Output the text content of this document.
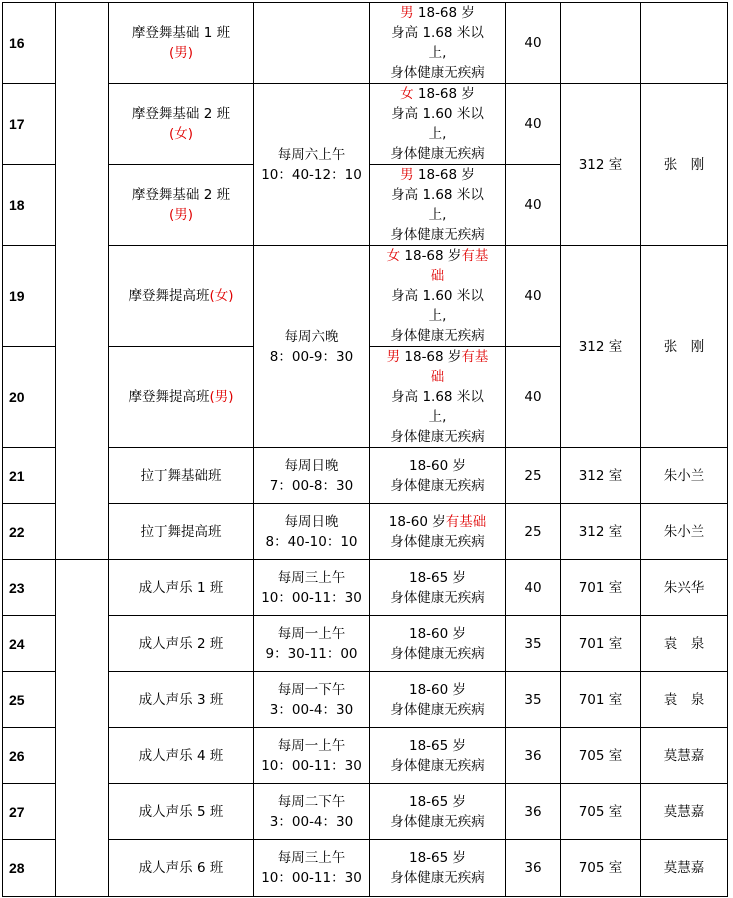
16		摩登舞基础 1 班
(男)		男 18-68 岁
身高 1.68 米以
上,
身体健康无疾病	40		
17		摩登舞基础 2 班
(女)	每周六上午
10：40-12：10	女 18-68 岁
身高 1.60 米以
上,
身体健康无疾病	40	312 室	张　刚
18		摩登舞基础 2 班
(男)		男 18-68 岁
身高 1.68 米以
上,
身体健康无疾病	40		
19		摩登舞提高班(女)	每周六晚
8：00-9：30	女 18-68 岁有基
础
身高 1.60 米以
上,
身体健康无疾病	40	312 室	张　刚
20		摩登舞提高班(男)		男 18-68 岁有基
础
身高 1.68 米以
上,
身体健康无疾病	40		
21		拉丁舞基础班	每周日晚
7：00-8：30	18-60 岁
身体健康无疾病	25	312 室	朱小兰
22		拉丁舞提高班	每周日晚
8：40-10：10	18-60 岁有基础
身体健康无疾病	25	312 室	朱小兰
23		成人声乐 1 班	每周三上午
10：00-11：30	18-65 岁
身体健康无疾病	40	701 室	朱兴华
24		成人声乐 2 班	每周一上午
9：30-11：00	18-60 岁
身体健康无疾病	35	701 室	袁　泉
25		成人声乐 3 班	每周一下午
3：00-4：30	18-60 岁
身体健康无疾病	35	701 室	袁　泉
26		成人声乐 4 班	每周一上午
10：00-11：30	18-65 岁
身体健康无疾病	36	705 室	莫慧嘉
27		成人声乐 5 班	每周二下午
3：00-4：30	18-65 岁
身体健康无疾病	36	705 室	莫慧嘉
28		成人声乐 6 班	每周三上午
10：00-11：30	18-65 岁
身体健康无疾病	36	705 室	莫慧嘉
